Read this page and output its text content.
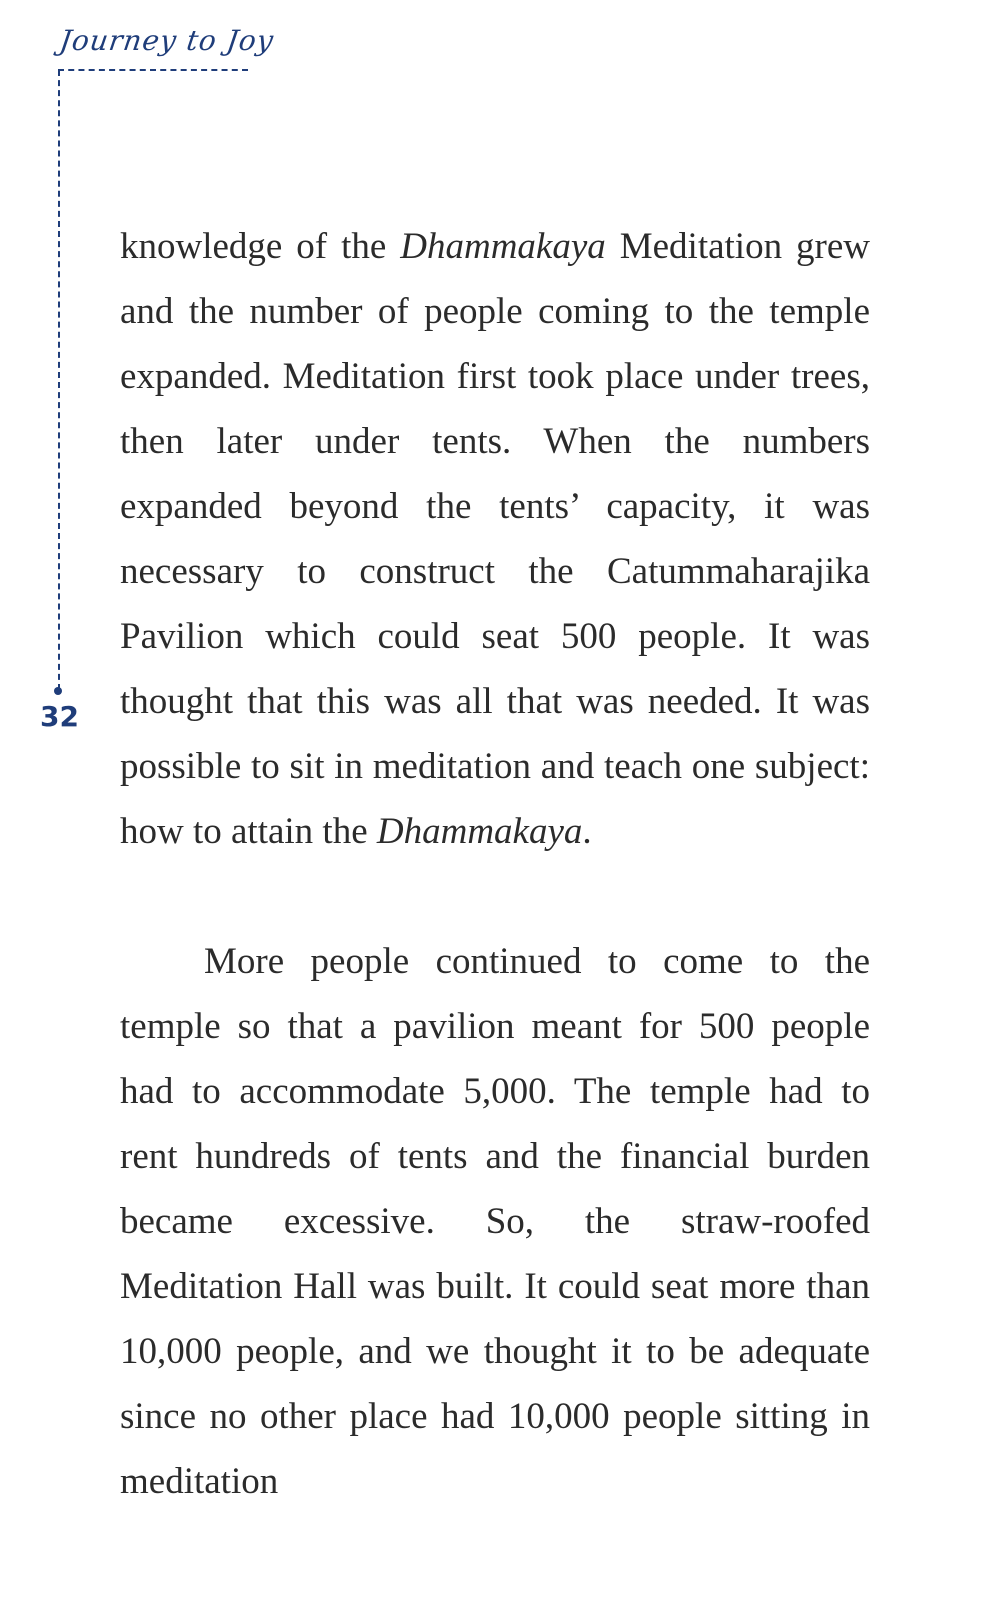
Journey to Joy
32

knowledge of the Dhammakaya Meditation grew and the number of people coming to the temple expanded. Meditation first took place under trees, then later under tents. When the numbers expanded beyond the tents’ capacity, it was necessary to construct the Catummaharajika Pavilion which could seat 500 people. It was thought that this was all that was needed. It was possible to sit in meditation and teach one subject: how to attain the Dhammakaya.

More people continued to come to the temple so that a pavilion meant for 500 people had to accommodate 5,000. The temple had to rent hundreds of tents and the financial burden became excessive. So, the straw-roofed Meditation Hall was built. It could seat more than 10,000 people, and we thought it to be adequate since no other place had 10,000 people sitting in meditation
